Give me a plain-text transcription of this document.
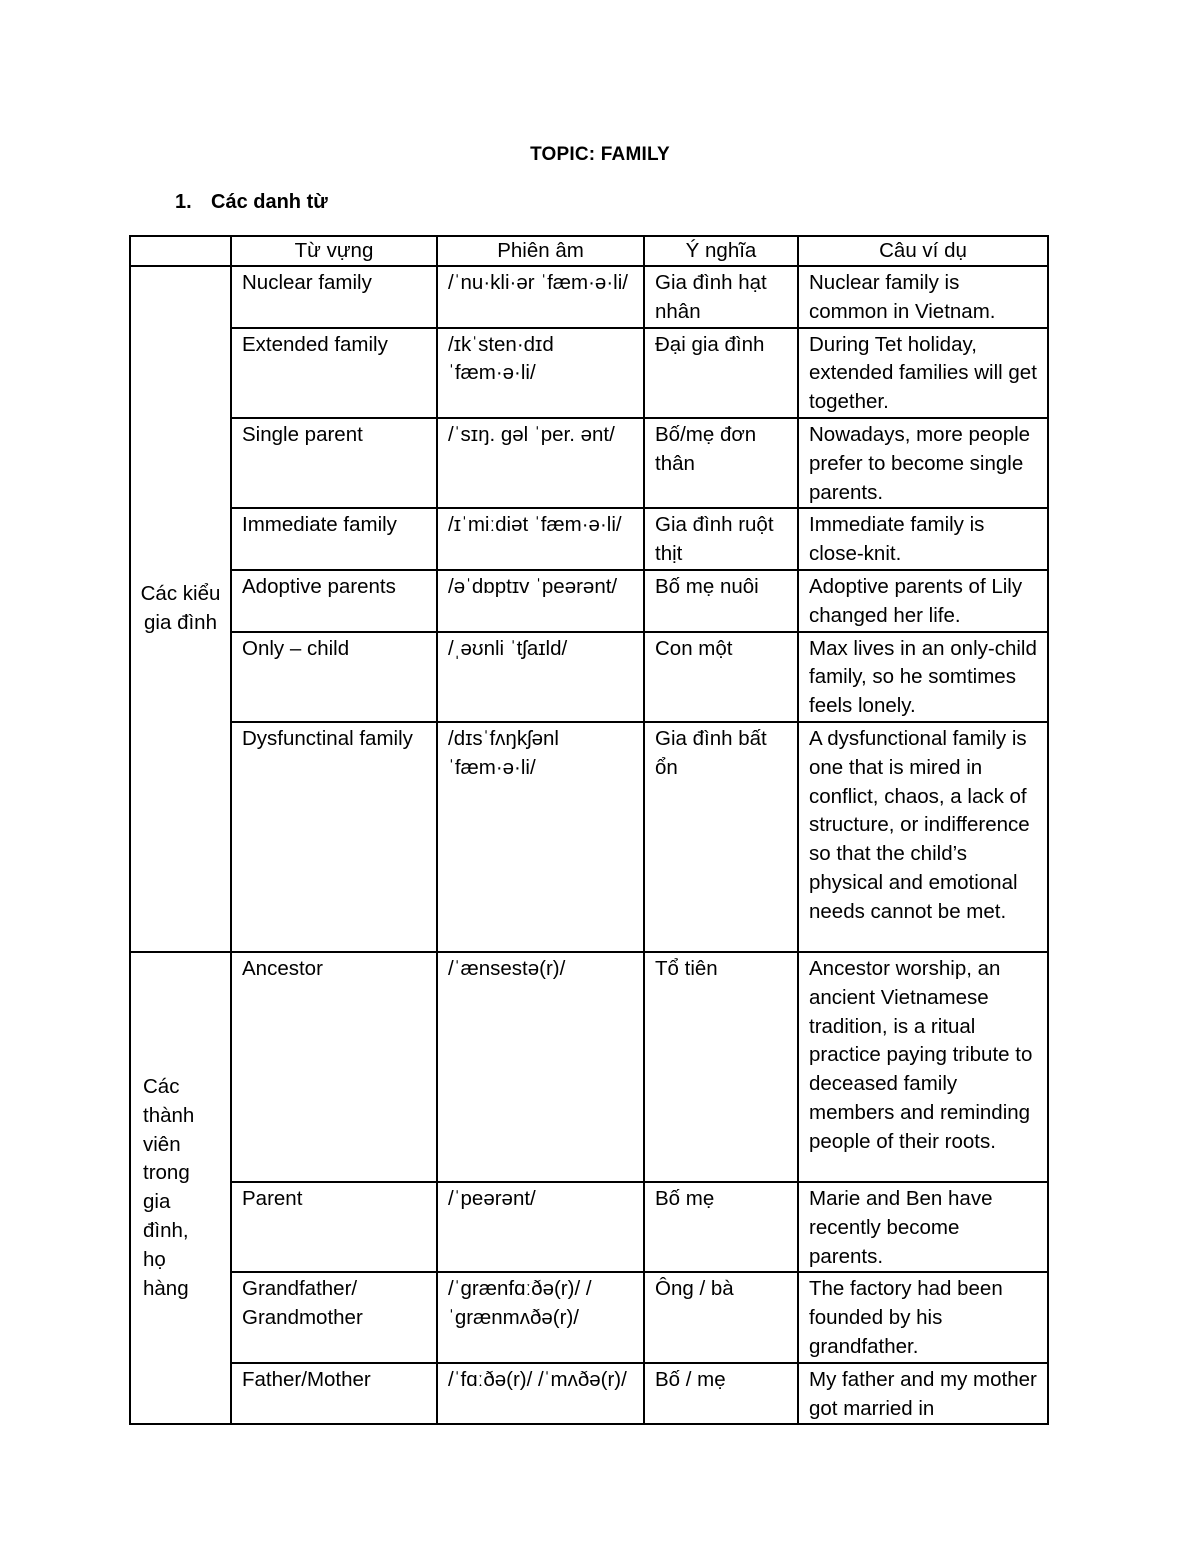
TOPIC: FAMILY
1. Các danh từ
	Từ vựng	Phiên âm	Ý nghĩa	Câu ví dụ
Các kiểu gia đình	Nuclear family	/ˈnu·kli·ər ˈfæm·ə·li/	Gia đình hạt nhân	Nuclear family is common in Vietnam.
	Extended family	/ɪkˈsten·dɪd ˈfæm·ə·li/	Đại gia đình	During Tet holiday, extended families will get together.
	Single parent	/ˈsɪŋ. ɡəl ˈper. ənt/	Bố/mẹ đơn thân	Nowadays, more people prefer to become single parents.
	Immediate family	/ɪˈmiːdiət ˈfæm·ə·li/	Gia đình ruột thịt	Immediate family is close-knit.
	Adoptive parents	/əˈdɒptɪv ˈpeərənt/	Bố mẹ nuôi	Adoptive parents of Lily changed her life.
	Only – child	/ˌəʊnli ˈtʃaɪld/	Con một	Max lives in an only-child family, so he somtimes feels lonely.
	Dysfunctinal family	/dɪsˈfʌŋkʃənl ˈfæm·ə·li/	Gia đình bất ổn	A dysfunctional family is one that is mired in conflict, chaos, a lack of structure, or indifference so that the child’s physical and emotional needs cannot be met.
Các thành viên trong gia đình, họ hàng	Ancestor	/ˈænsestə(r)/	Tổ tiên	Ancestor worship, an ancient Vietnamese tradition, is a ritual practice paying tribute to deceased family members and reminding people of their roots.
	Parent	/ˈpeərənt/	Bố mẹ	Marie and Ben have recently become parents.
	Grandfather/ Grandmother	/ˈɡrænfɑːðə(r)/ /ˈɡrænmʌðə(r)/	Ông / bà	The factory had been founded by his grandfather.
	Father/Mother	/ˈfɑːðə(r)/ /ˈmʌðə(r)/	Bố / mẹ	My father and my mother got married in
